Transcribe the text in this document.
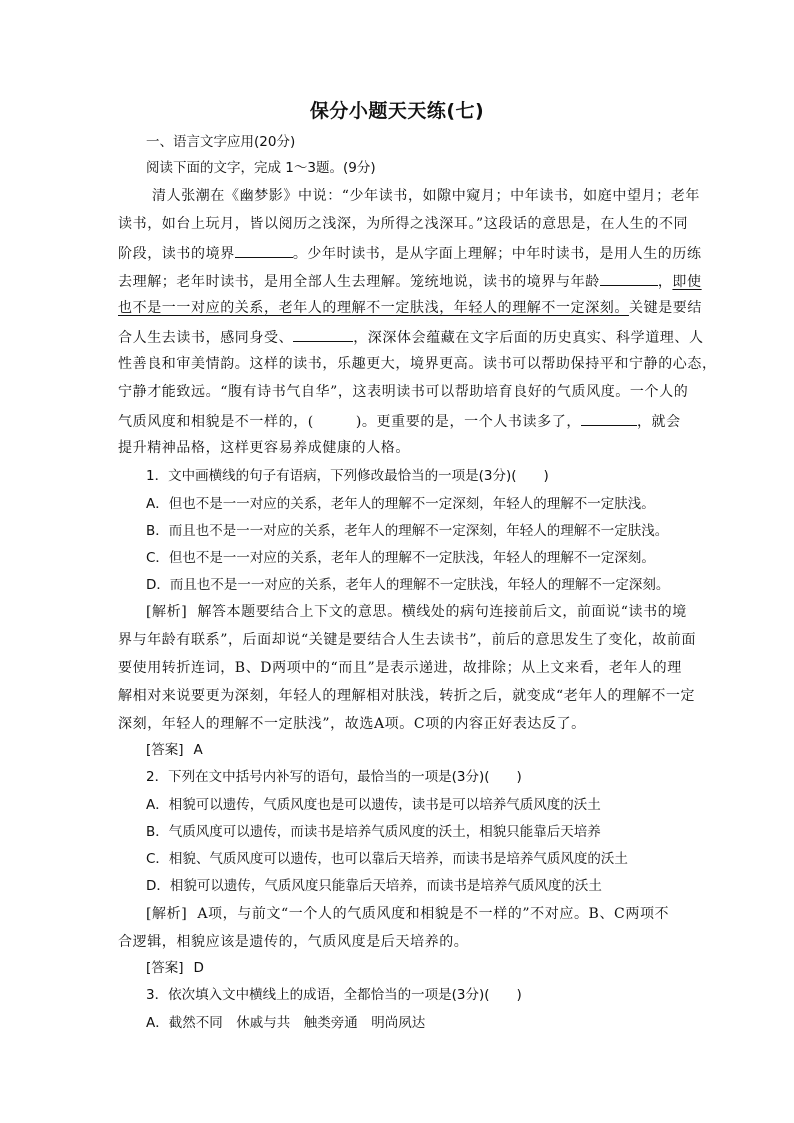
保分小题天天练(七)
一、语言文字应用(20分)
阅读下面的文字，完成 1～3题。(9分)
清人张潮在《幽梦影》中说：“少年读书，如隙中窥月；中年读书，如庭中望月；老年
读书，如台上玩月，皆以阅历之浅深，为所得之浅深耳。”这段话的意思是，在人生的不同
阶段，读书的境界	。少年时读书，是从字面上理解；中年时读书，是用人生的历练
去理解；老年时读书，是用全部人生去理解。笼统地说，读书的境界与年龄	，即使
也不是一一对应的关系，老年人的理解不一定肤浅，年轻人的理解不一定深刻。关键是要结
合人生去读书，感同身受、	，深深体会蕴藏在文字后面的历史真实、科学道理、人
性善良和审美情韵。这样的读书，乐趣更大，境界更高。读书可以帮助保持平和宁静的心态，
宁静才能致远。“腹有诗书气自华”，这表明读书可以帮助培育良好的气质风度。一个人的
气质风度和相貌是不一样的，(	)。更重要的是，一个人书读多了，	，就会
提升精神品格，这样更容易养成健康的人格。
1．文中画横线的句子有语病，下列修改最恰当的一项是(3分)(　　)
A．但也不是一一对应的关系，老年人的理解不一定深刻，年轻人的理解不一定肤浅。
B．而且也不是一一对应的关系，老年人的理解不一定深刻，年轻人的理解不一定肤浅。
C．但也不是一一对应的关系，老年人的理解不一定肤浅，年轻人的理解不一定深刻。
D．而且也不是一一对应的关系，老年人的理解不一定肤浅，年轻人的理解不一定深刻。
[解析] 解答本题要结合上下文的意思。横线处的病句连接前后文，前面说“读书的境
界与年龄有联系”，后面却说“关键是要结合人生去读书”，前后的意思发生了变化，故前面
要使用转折连词，B、D两项中的“而且”是表示递进，故排除；从上文来看，老年人的理
解相对来说要更为深刻，年轻人的理解相对肤浅，转折之后，就变成“老年人的理解不一定
深刻，年轻人的理解不一定肤浅”，故选A项。C项的内容正好表达反了。
[答案] A
2．下列在文中括号内补写的语句，最恰当的一项是(3分)(　　)
A．相貌可以遗传，气质风度也是可以遗传，读书是可以培养气质风度的沃土
B．气质风度可以遗传，而读书是培养气质风度的沃土，相貌只能靠后天培养
C．相貌、气质风度可以遗传，也可以靠后天培养，而读书是培养气质风度的沃土
D．相貌可以遗传，气质风度只能靠后天培养，而读书是培养气质风度的沃土
[解析] A项，与前文“一个人的气质风度和相貌是不一样的”不对应。B、C两项不
合逻辑，相貌应该是遗传的，气质风度是后天培养的。
[答案] D
3．依次填入文中横线上的成语，全都恰当的一项是(3分)(　　)
A．截然不同　休戚与共　触类旁通　明尚夙达
